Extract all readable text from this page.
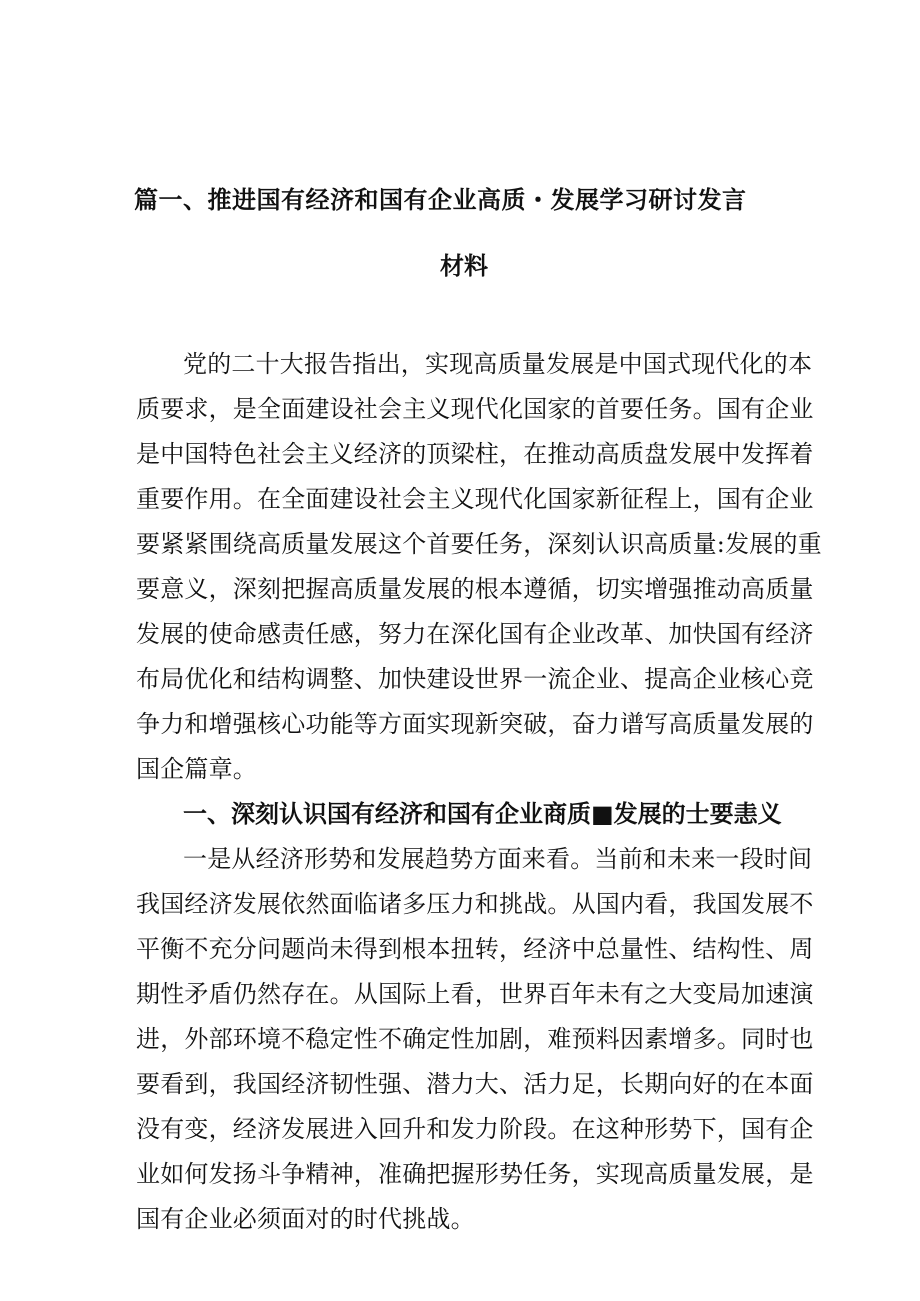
篇一、推进国有经济和国有企业高质・发展学习研讨发言
材料
党的二十大报告指出，实现高质量发展是中国式现代化的本
质要求，是全面建设社会主义现代化国家的首要任务。国有企业
是中国特色社会主义经济的顶梁柱，在推动高质盘发展中发挥着
重要作用。在全面建设社会主义现代化国家新征程上，国有企业
要紧紧围绕高质量发展这个首要任务，深刻认识高质量:发展的重
要意义，深刻把握高质量发展的根本遵循，切实增强推动高质量
发展的使命感责任感，努力在深化国有企业改革、加快国有经济
布局优化和结构调整、加快建设世界一流企业、提高企业核心竞
争力和增强核心功能等方面实现新突破，奋力谱写高质量发展的
国企篇章。
一、深刻认识国有经济和国有企业商质■发展的士要恚义
一是从经济形势和发展趋势方面来看。当前和未来一段时间
我国经济发展依然面临诸多压力和挑战。从国内看，我国发展不
平衡不充分问题尚未得到根本扭转，经济中总量性、结构性、周
期性矛盾仍然存在。从国际上看，世界百年未有之大变局加速演
进，外部环境不稳定性不确定性加剧，难预料因素增多。同时也
要看到，我国经济韧性强、潜力大、活力足，长期向好的在本面
没有变，经济发展进入回升和发力阶段。在这种形势下，国有企
业如何发扬斗争精神，准确把握形势任务，实现高质量发展，是
国有企业必须面对的时代挑战。
